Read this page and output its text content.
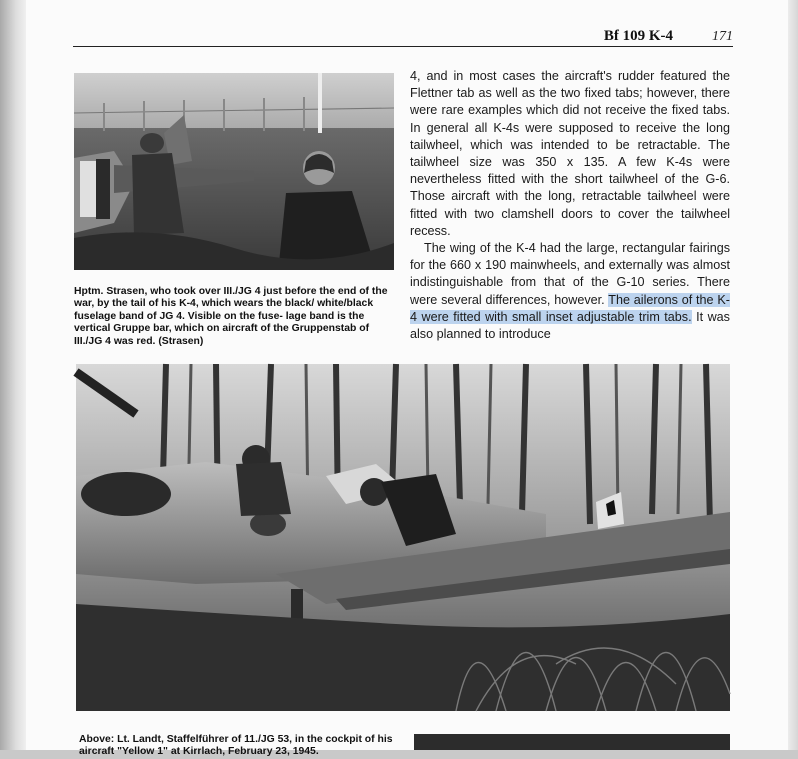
Bf 109 K-4	171
Hptm. Strasen, who took over III./JG 4 just before the end of the war, by the tail of his K-4, which wears the black/ white/black fuselage band of JG 4. Visible on the fuse- lage band is the vertical Gruppe bar, which on aircraft of the Gruppenstab of III./JG 4 was red. (Strasen)

4, and in most cases the aircraft's rudder featured the Flettner tab as well as the two fixed tabs; however, there were rare examples which did not receive the fixed tabs. In general all K-4s were supposed to receive the long tailwheel, which was intended to be retractable. The tailwheel size was 350 x 135. A few K-4s were nevertheless fitted with the short tailwheel of the G-6. Those aircraft with the long, retractable tailwheel were fitted with two clamshell doors to cover the tailwheel recess.

The wing of the K-4 had the large, rectangular fairings for the 660 x 190 mainwheels, and externally was almost indistinguishable from that of the G-10 series. There were several differences, however. The ailerons of the K-4 were fitted with small inset adjustable trim tabs. It was also planned to introduce

Above: Lt. Landt, Staffelführer of 11./JG 53, in the cockpit of his aircraft "Yellow 1" at Kirrlach, February 23, 1945.
